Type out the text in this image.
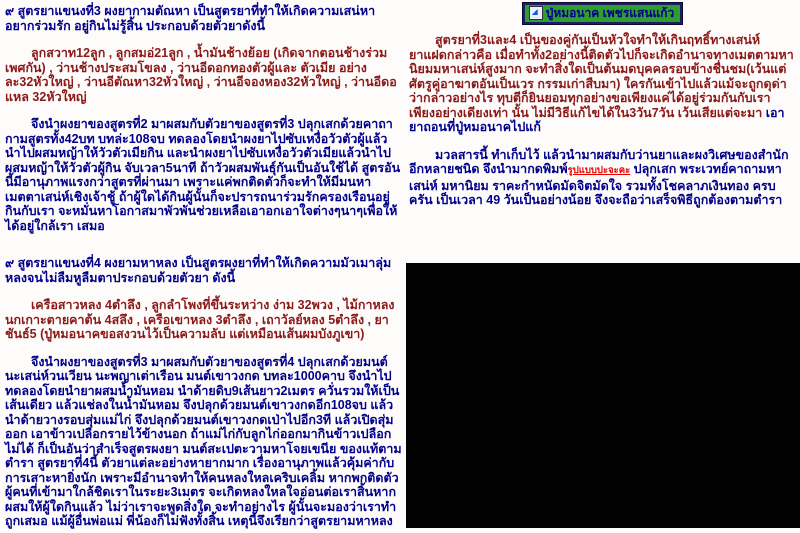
๙ สูตรยาแขนงที่3 ผงยากามตัณหา เป็นสูตรยาที่ทำให้เกิดความเสน่หาอยากร่วมรัก อยู่กินไม่รู้สิ้น ประกอบด้วยตัวยาดังนี้

ลูกสวาท12ลูก , ลูกสมอ่21ลูก , น้ำมันช้างย้อย (เกิดจากตอนช้างร่วมเพศกัน) , ว่านช้างประสมโขลง , ว่านอีดอกทองตัวผู้และ ตัวเมีย อย่างละ32หัวใหญ่ , ว่านอีตัณหา32หัวใหญ่ , ว่านอีจองหอง32หัวใหญ่ , ว่านอีดอแหล 32หัวใหญ่

จึงนำผงยาของสูตรที่2 มาผสมกับตัวยาของสูตรที่3 ปลุกเสกด้วยคาถากามสูตรทั้ง42บท บทล่ะ108จบ ทดลองโดยนำผงยาไปซับเหงื่อวัวตัวผู้แล้วนำไปผสมหญ้าให้วัวตัวเมียกิน และนำผงยาไปซับเหงื่อวัวตัวเมียแล้วนำไปผสมหญ้าให้วัวตัวผู้กิน จับเวลา5นาที ถ้าวัวผสมพันธุ์กันเป็นอันใช้ได้ สูตรอันนี้มีอานุภาพแรงกว่าสูตรที่ผ่านมา เพราะแค่พกติดตัวก็จะทำให้มีมนหา เมตตาเสน่ห์เชิงเจ้าชู้ ถ้าผู้ใดได้กินผู้นั้นก็จะปรารถนาร่วมรักครองเรือนอยู่กินกับเรา จะหมั่นหาโอกาสมาพัวพันช่วยเหลือเอาอกเอาใจต่างๆนาๆเพื่อให้ได้อยู่ใกล้เรา เสมอ

๙ สูตรยาแขนงที่4 ผงยามหาหลง เป็นสูตรผงยาที่ทำให้เกิดความมัวเมาลุ่มหลงจนไม่ลืมหูลืมตาประกอบด้วยตัวยา ดังนี้

เครือสาวหลง 4ตำลึง , ลูกลำโพงที่ขึ้นระหว่าง ง่าม 32พวง , ไม้กาหลงนกเกาะตายคาต้น 4สลึง , เครือเขาหลง 3ตำลึง , เถาวัลย์หลง 5ตำลึง , ยาชันธ์5 (ปู่หมอนาคขอสงวนไว้เป็นความลับ แต่เหมือนเส้นผมบังภูเขา)

จึงนำผงยาของสูตรที่3 มาผสมกับตัวยาของสูตรที่4 ปลุกเสกด้วยมนต์นะเสน่ห์วนเวียน นะพญาเต่าเรือน มนต์เขาวงกด บทละ1000คาบ จึงนำไปทดลองโดยนำยาผสมน้ำมันหอม นำด้ายดิบ9เส้นยาว2เมตร ควั่นรวมให้เป็นเส้นเดียว แล้วแช่ลงในน้ำมันหอม จึงปลุกด้วยมนต์เขาวงกดอีก108จบ แล้วนำด้ายวางรอบสุ่มแม่ไก่ จึงปลุกด้วยมนต์เขาวงกดเป่าไปอีก3ที แล้วเปิดสุ่มออก เอาข้าวเปลือกรายไว้ข้างนอก ถ้าแม่ไก่กับลูกไก่ออกมากินข้าวเปลือกไม่ได้ ก็เป็นอันว่าสำเร็จสูตรผงยา มนต์สะเปตะวามหาโจยเขนีย ของแท้ตามตำรา สูตรยาที่4นี้ ตัวยาแต่ละอย่างหายากมาก เรื่องอานุภาพแล้วคุ้มค่ากับการเสาะหายิ่งนัก เพราะมีอำนาจทำให้คนหลงใหลเคริบเคลิ้ม หากพกติดตัว ผู้คนที่เข้ามาใกล้ชิดเราในระยะ3เมตร จะเกิดหลงใหลใจอ่อนต่อเราสิ้นหากผสมให้ผู้ใดกินแล้ว ไม่ว่าเราจะพูดสิ่งใด จะทำอย่างไร ผู้นั้นจะมองว่าเราทำถูกเสมอ แม้ผู้อื่นพ่อแม่ พี่น้องก็ไม่ฟังทั้งสิ้น เหตุนี้จึงเรียกว่าสูตรยามหาหลง

ปู่หมอนาค เพชรแสนแก้ว

สูตรยาที่3และ4 เป็นของคู่กันเป็นหัวใจทำให้เกินฤทธิ์ทางเสน่ห์ยาแฝดกล่าวคือ เมื่อทำทั้ง2อย่างนี้ติดตัวไปก็จะเกิดอำนาจทางเมตตามหานิยมมหาเสน่ห์สูงมาก จะทำสิ่งใดเป็นต้นมดบุคคลรอบข้างชื่นชม(เว้นแต่ศัตรูคู่อาฆาตอันเป็นเวร กรรมเก่าสืบมา) ใครกันเข้าไปแล้วแม้จะถูกดุด่าว่ากล่าวอย่างไร ทุบตีก็ยินยอมทุกอย่างขอเพียงแค่ได้อยู่ร่วมกันกับเราเพียงอย่างเดียงเท่า นั้น ไม่มีวิธีแก้ไขได้ใน3วัน7วัน เว้นเสียแต่จะมา เอายาถอนที่ปู่หมอนาคไปแก้

มวลสารนี้ ทำเก็บไว้ แล้วนำมาผสมกับว่านยาและผงวิเศษของสำนักอีกหลายชนิด จึงนำมากดพิมพ์รูปแบบปะจะคะ ปลุกเสก พระเวทย์คาถามหาเสน่ห์ มหานิยม ราคะกำหนัดมัดจิตมัดใจ รวมทั้งโชคลาภเงินทอง ครบครัน เป็นเวลา 49 วันเป็นอย่างน้อย จึงจะถือว่าเสร็จพิธีถูกต้องตามตำรา
